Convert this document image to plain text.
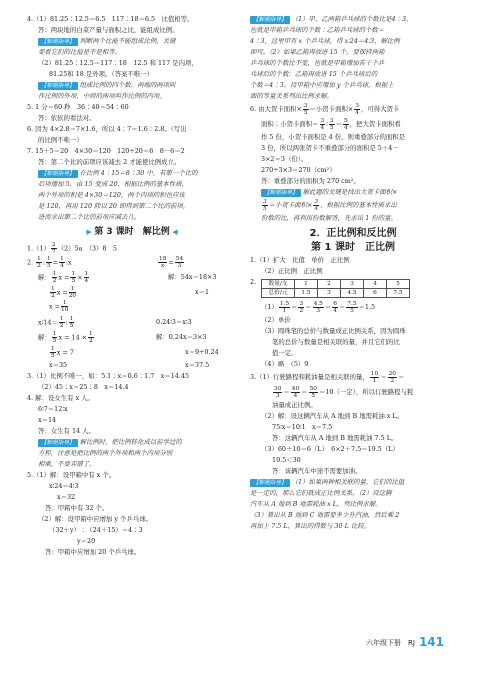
4.（1）81.25∶12.5＝6.5　117∶18＝6.5　比值相等。
答：两块地的白菜产量与面积之比，能组成比例。
【解题指导】 判断两个比能不能组成比例，关键
要看它们的比值是不是相等。
（2）81.25∶12.5＝117∶18　12.5 和 117 是内项，
81.25和 18 是外项。（答案不唯一）
【解题指导】 组成比例的四个数，两端的两项叫
作比例的外项，中间的两项叫作比例的内项。
5. 1 分＝60 秒　36∶40＝54∶60
答：依依的看法对。
6. 因为 4×2.8＝7×1.6，所以 4∶7＝1.6∶2.8。（写出
的比例不唯一）
7. 15＋5＝20　4×30＝120　120÷20＝6　8－6＝2
答：第二个比的前项应该减去 2 才能使比例成立。
【解题指导】 在比例 4∶15＝8∶30 中，若第一个比的
后项增加 5，由 15 变成 20，根据比例的基本性质，
两个外项的积是 4×30＝120，两个内项的积也应该
是 120，再用 120 除以 20 即得到第二个比的前项，
进而求出第二个比的前项应减去几。
▶ 第 3 课时　解比例 ◀
$1.(1) \frac{2}{7} (2)5a$　（3）8　5
2. $\frac{1}{2}$ : $\frac{1}{5} = \frac{1}{4}$ :x	$\frac{18}{x} = \frac{54}{3}$
解： $\frac{1}{2}$ $x = \frac{1}{5} \times \frac{1}{4}$	解：54x＝18×3
$\frac{1}{2}$ $x = \frac{1}{20}$	x＝1
$x = \frac{1}{10}$
x∶14＝ $\frac{1}{2}$ : $\frac{1}{5}$	0.24∶3＝x∶3
解： $\frac{1}{5}$ $x = 14 \times \frac{1}{2}$	解：0.24x＝3×3
$\frac{1}{5}$ x = 7	x＝9÷0.24
x＝35	x＝37.5
3.（1）比例不唯一，如：5.1∶x＝0.6∶1.7　x＝14.45
（2）45∶x＝25∶8　x＝14.4
4. 解：设女生有 x 人。
6∶7＝12∶x
x＝14
答：女生有 14 人。
【解题指导】 解比例时，把比例转化成以前学过的
方程，注意是把比例的两个外项和两个内项分别
相乘，不要弄错了。
5.（1）解：设甲箱中有 x 个。
x∶24＝4∶3
x＝32
答：甲箱中有 32 个。
（2）解：设甲箱中应增加 y 个乒乓球。
（32＋y）∶（24＋15）＝4∶3
y＝20
答：甲箱中应增加 20 个乒乓球。
【解题指导】 （1）甲、乙两箱乒乓球的个数比是4∶3，
也就是甲箱乒乓球的个数∶乙箱乒乓球的个数＝
4∶3，这里甲有 x 个乒乓球，得 x∶24＝4∶3，解比例
即可。（2）如果乙箱再放进 15 个，要保持两箱
乒乓球的个数比不变，也就是甲箱增加若干个乒
乓球后的个数：乙箱再放进 15 个乒乓球后的
个数＝4∶3。设甲箱中应增加 y 个乒乓球，根据上
面的等量关系列出比例求解。
6. 由大贺卡面积× $\frac{3}{5}$ ＝小贺卡面积× $\frac{3}{4}$ ，可得大贺卡
面积∶小贺卡面积＝ $\frac{3}{4}$ ∶ $\frac{3}{5} = \frac{5}{4}$ ，把大贺卡面积看
作 5 份，小贺卡面积是 4 份，则重叠部分的面积是
3 份，所以两张贺卡不重叠部分的面积是 5＋4－
3×2＝3（份）。
270÷3×3＝270（cm²）
答：重叠部分的面积为 270 cm²。
【解题指导】 解此题的关键是找出大贺卡面积×
$\frac{3}{5}$ ＝小贺卡面积× $\frac{3}{4}$ ，根据比例的基本性质求出
份数的比，再利用份数解答，先求出 1 份的量。
2．正比例和反比例
第 1 课时　正比例
1.（1）扩大　比值　单价　正比例
（2）正比例　正比例
2.	数量/支	1	2	3	4	5
总价/元	1.5	3	4.5	6	7.5
$(1) \frac{1.5}{1} = \frac{3}{2} = \frac{4.5}{3} = \frac{6}{4} = \frac{7.5}{5} =1.5$
（2）单价
（3）圆珠笔的总价与数量成正比例关系，因为圆珠
笔的总价与数量是相关联的量，并且它们的比
值一定。
（4）略　（5）9
3.（1）行驶路程和耗油量是相关联的量， $\frac{10}{1} = \frac{20}{2}$ ＝
$\frac{30}{3} = \frac{40}{4} = \frac{50}{5} =10$（一定），所以行驶路程与耗
油量成正比例。
（2）解：设这辆汽车从 A 地到 B 地需耗油 x L。
75∶x＝10∶1　x＝7.5
答：这辆汽车从 A 地到 B 地需耗油 7.5 L。
（3）60＋10＝6（L）　6×2＋7.5＝19.5（L）
19.5＜30
答：该辆汽车中途不需要加油。
【解题指导】 （1）如果两种相关联的量，它们的比值
是一定的，那么它们就成正比例关系。（2）设这辆
汽车从 A 地到 B 地需耗油 x L，列比例求解。
（3）算出从 B 地到 C 地需要多少升汽油，然后乘 2
再加上 7.5 L，算出的得数与 30 L 比较。
六年级下册　RJ 141
